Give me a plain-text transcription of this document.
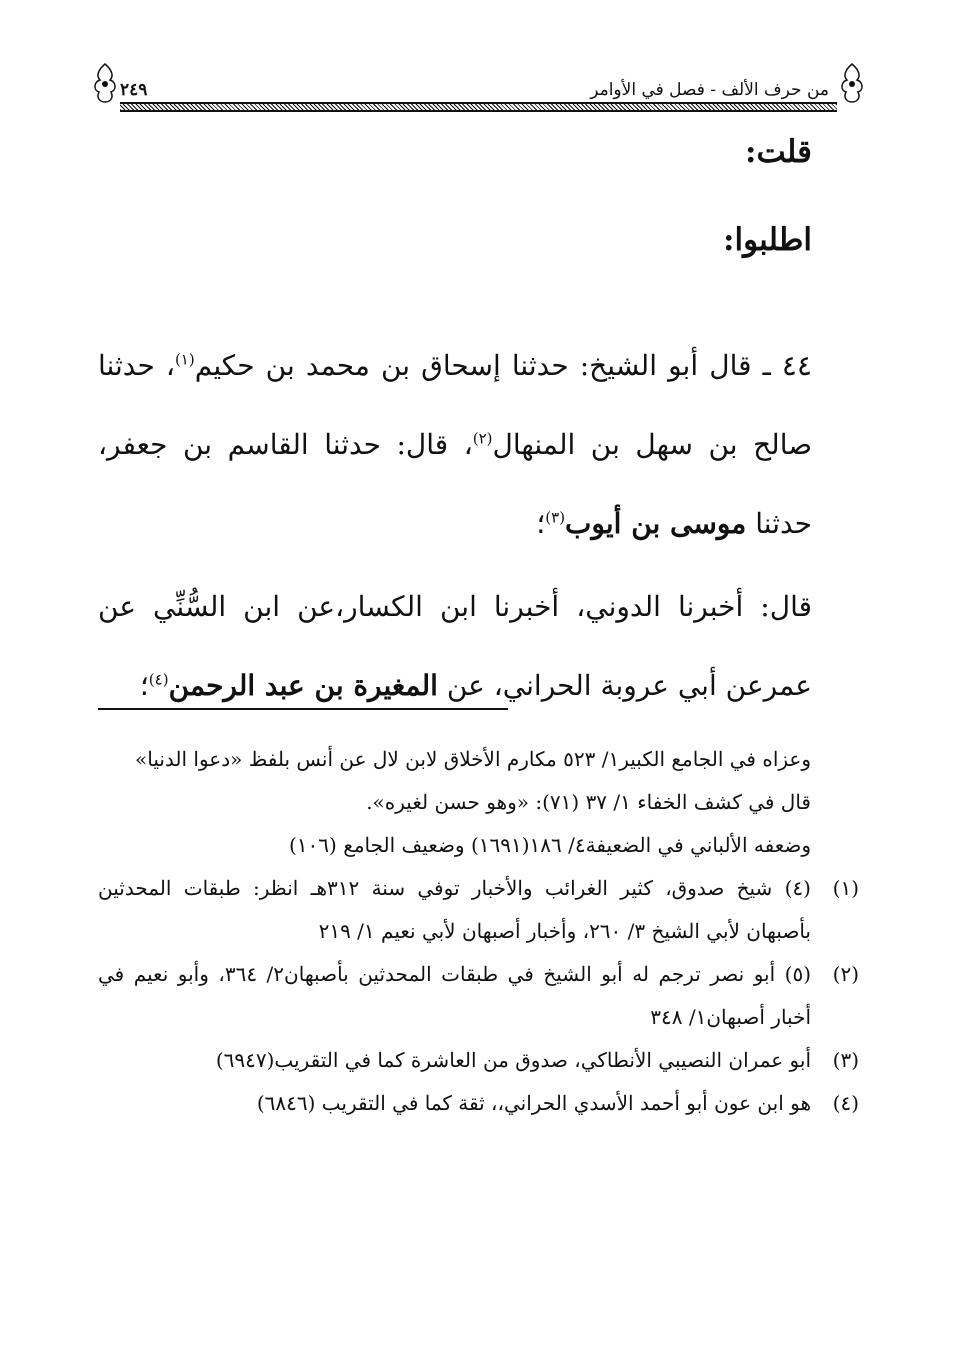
من حرف الألف - فصل في الأوامر
٢٤٩
قلت:
اطلبوا:

٤٤ ـ قال أبو الشيخ: حدثنا إسحاق بن محمد بن حكيم$^{(١)}$، حدثنا صالح بن سهل بن المنهال$^{(٢)}$، قال: حدثنا القاسم بن جعفر، حدثنا موسى بن أيوب$^{(٣)}$؛

قال: أخبرنا الدوني، أخبرنا ابن الكسار،عن ابن السُّنِّي عن عمرعن أبي عروبة الحراني، عن المغيرة بن عبد الرحمن$^{(٤)}$؛

وعزاه في الجامع الكبير١/ ٥٢٣ مكارم الأخلاق لابن لال عن أنس بلفظ «دعوا الدنيا»
قال في كشف الخفاء ١/ ٣٧ (٧١): «وهو حسن لغيره».
وضعفه الألباني في الضعيفة٤/ ١٨٦(١٦٩١) وضعيف الجامع (١٠٦)
(١)
(٤) شيخ صدوق، كثير الغرائب والأخبار توفي سنة ٣١٢هـ انظر: طبقات المحدثين بأصبهان لأبي الشيخ ٣/ ٢٦٠، وأخبار أصبهان لأبي نعيم ١/ ٢١٩
(٢)
(٥) أبو نصر ترجم له أبو الشيخ في طبقات المحدثين بأصبهان٢/ ٣٦٤، وأبو نعيم في أخبار أصبهان١/ ٣٤٨
(٣)
أبو عمران النصيبي الأنطاكي، صدوق من العاشرة كما في التقريب(٦٩٤٧)
(٤)
هو ابن عون أبو أحمد الأسدي الحراني،، ثقة كما في التقريب (٦٨٤٦)
